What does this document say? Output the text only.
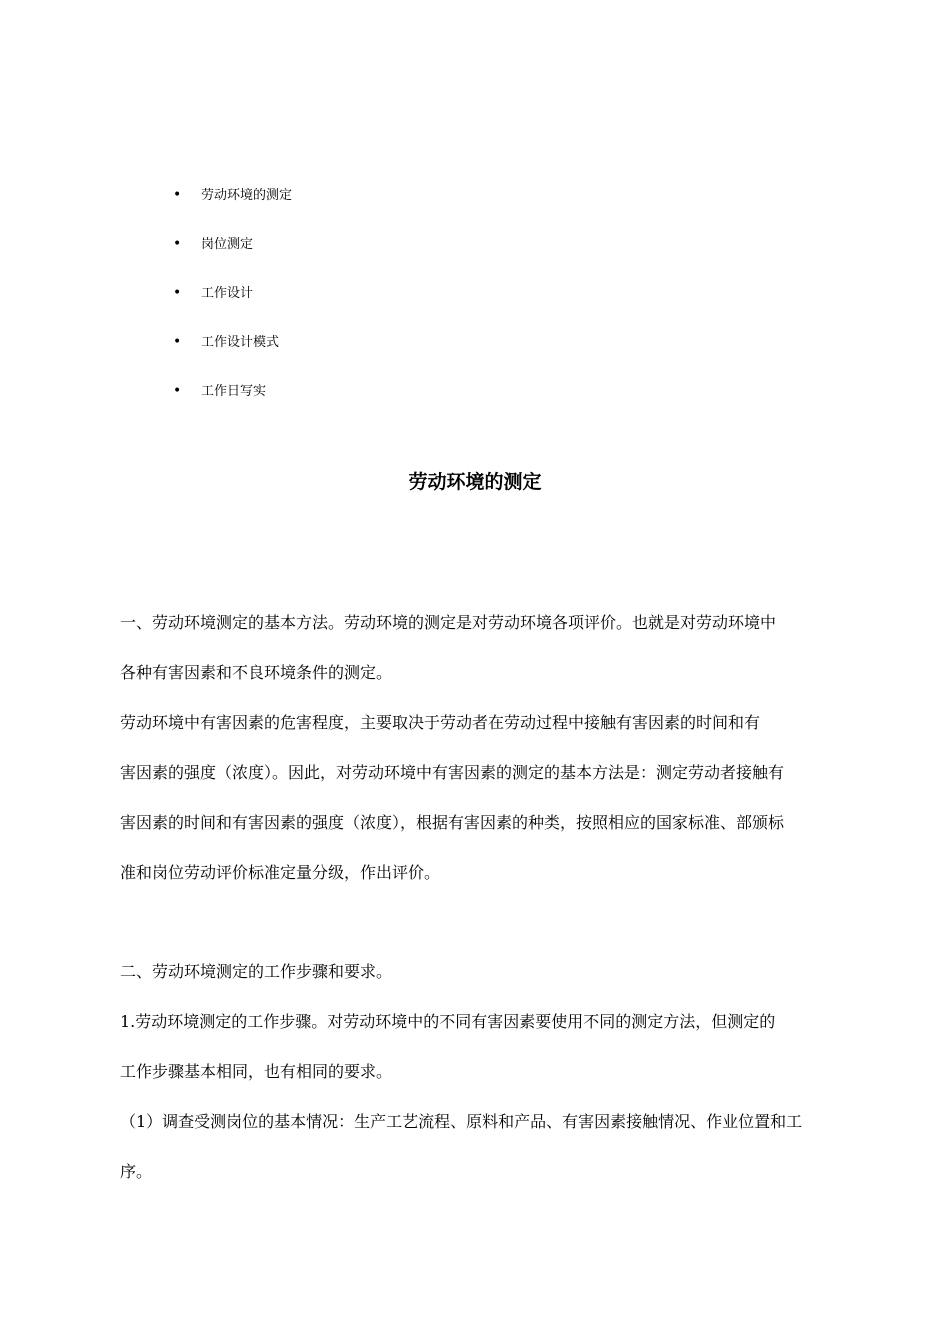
• 劳动环境的测定
• 岗位测定
• 工作设计
• 工作设计模式
• 工作日写实
劳动环境的测定

一、劳动环境测定的基本方法。劳动环境的测定是对劳动环境各项评价。也就是对劳动环境中
各种有害因素和不良环境条件的测定。

劳动环境中有害因素的危害程度，主要取决于劳动者在劳动过程中接触有害因素的时间和有
害因素的强度（浓度）。因此，对劳动环境中有害因素的测定的基本方法是：测定劳动者接触有
害因素的时间和有害因素的强度（浓度），根据有害因素的种类，按照相应的国家标准、部颁标
准和岗位劳动评价标准定量分级，作出评价。

二、劳动环境测定的工作步骤和要求。

1.劳动环境测定的工作步骤。对劳动环境中的不同有害因素要使用不同的测定方法，但测定的
工作步骤基本相同，也有相同的要求。

（1）调查受测岗位的基本情况：生产工艺流程、原料和产品、有害因素接触情况、作业位置和工
序。
